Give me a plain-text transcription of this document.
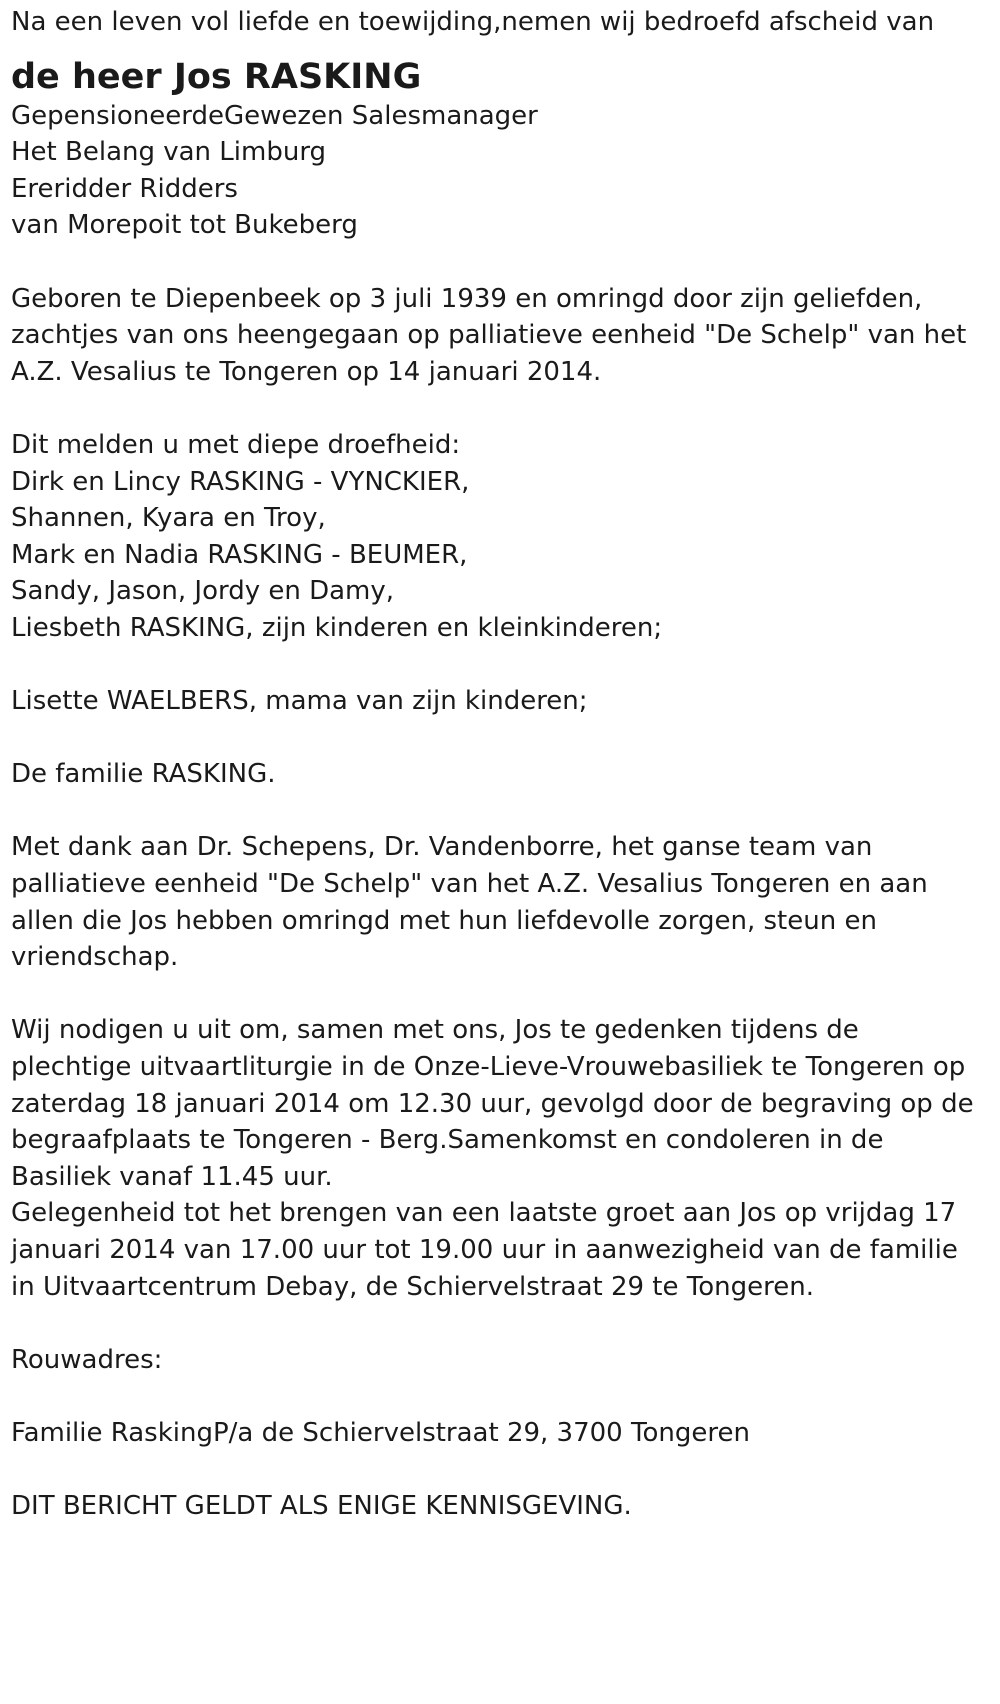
Na een leven vol liefde en toewijding,nemen wij bedroefd afscheid van

de heer Jos RASKING

GepensioneerdeGewezen Salesmanager

Het Belang van Limburg

Ereridder Ridders

van Morepoit tot Bukeberg

Geboren te Diepenbeek op 3 juli 1939 en omringd door zijn geliefden,

zachtjes van ons heengegaan op palliatieve eenheid "De Schelp" van het

A.Z. Vesalius te Tongeren op 14 januari 2014.

Dit melden u met diepe droefheid:

Dirk en Lincy RASKING - VYNCKIER,

Shannen, Kyara en Troy,

Mark en Nadia RASKING - BEUMER,

Sandy, Jason, Jordy en Damy,

Liesbeth RASKING, zijn kinderen en kleinkinderen;

Lisette WAELBERS, mama van zijn kinderen;

De familie RASKING.

Met dank aan Dr. Schepens, Dr. Vandenborre, het ganse team van

palliatieve eenheid "De Schelp" van het A.Z. Vesalius Tongeren en aan

allen die Jos hebben omringd met hun liefdevolle zorgen, steun en

vriendschap.

Wij nodigen u uit om, samen met ons, Jos te gedenken tijdens de

plechtige uitvaartliturgie in de Onze-Lieve-Vrouwebasiliek te Tongeren op

zaterdag 18 januari 2014 om 12.30 uur, gevolgd door de begraving op de

begraafplaats te Tongeren - Berg.Samenkomst en condoleren in de

Basiliek vanaf 11.45 uur.

Gelegenheid tot het brengen van een laatste groet aan Jos op vrijdag 17

januari 2014 van 17.00 uur tot 19.00 uur in aanwezigheid van de familie

in Uitvaartcentrum Debay, de Schiervelstraat 29 te Tongeren.

Rouwadres:

Familie RaskingP/a de Schiervelstraat 29, 3700 Tongeren

DIT BERICHT GELDT ALS ENIGE KENNISGEVING.
